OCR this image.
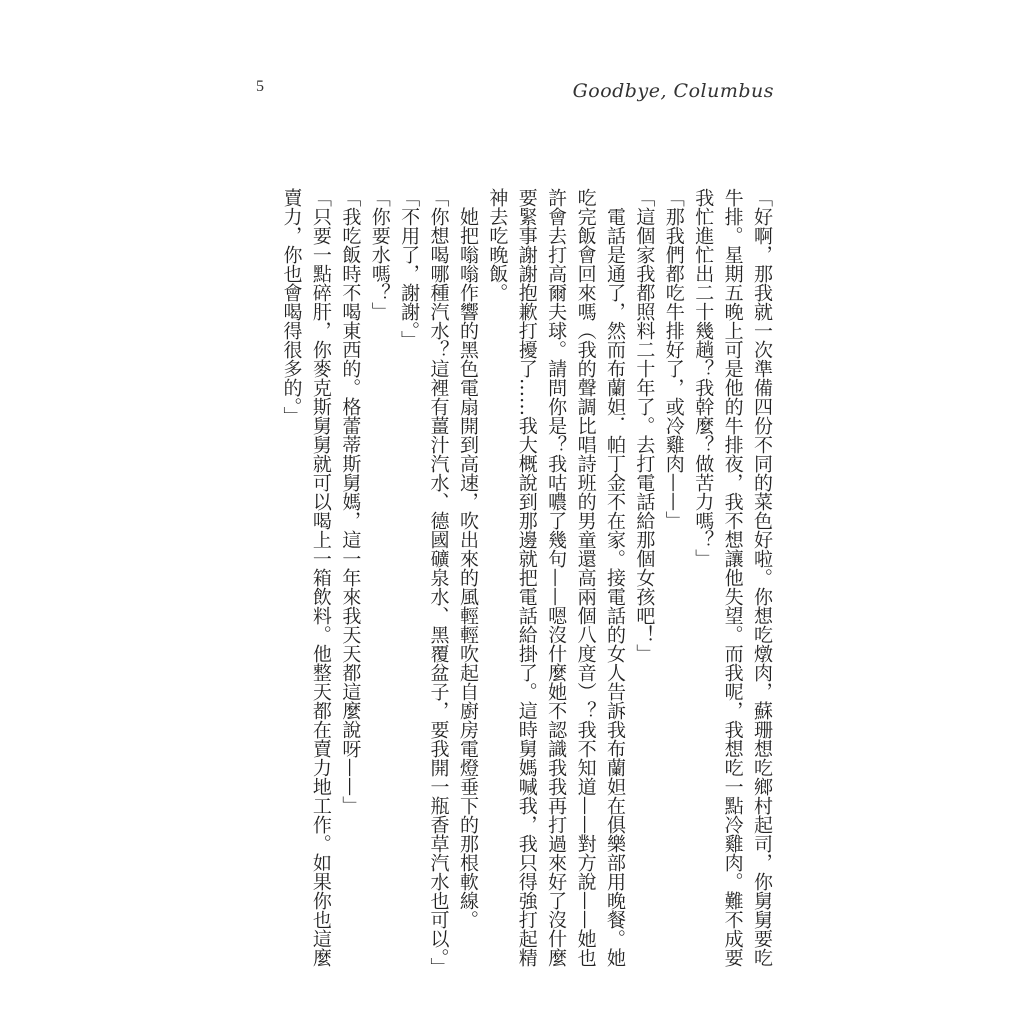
5	Goodbye, Columbus

「好啊，那我就一次準備四份不同的菜色好啦。你想吃燉肉，蘇珊想吃鄉村起司，你舅舅要吃牛排。星期五晚上可是他的牛排夜，我不想讓他失望。而我呢，我想吃一點冷雞肉。難不成要我忙進忙出二十幾趟？我幹麼？做苦力嗎？」

「那我們都吃牛排好了，或冷雞肉——」

「這個家我都照料二十年了。去打電話給那個女孩吧！」

電話是通了，然而布蘭妲．帕丁金不在家。接電話的女人告訴我布蘭妲在俱樂部用晚餐。她吃完飯會回來嗎（我的聲調比唱詩班的男童還高兩個八度音）？我不知道——對方說——她也許會去打高爾夫球。請問你是？我咕噥了幾句——嗯沒什麼她不認識我我再打過來好了沒什麼要緊事謝謝抱歉打擾了……我大概說到那邊就把電話給掛了。這時舅媽喊我，我只得強打起精神去吃晚飯。

她把嗡嗡作響的黑色電扇開到高速，吹出來的風輕輕吹起自廚房電燈垂下的那根軟線。

「你想喝哪種汽水？這裡有薑汁汽水、德國礦泉水、黑覆盆子，要我開一瓶香草汽水也可以。」

「不用了，謝謝。」

「你要水嗎？」

「我吃飯時不喝東西的。格蕾蒂斯舅媽，這一年來我天天都這麼說呀——」

「只要一點碎肝，你麥克斯舅舅就可以喝上一箱飲料。他整天都在賣力地工作。如果你也這麼賣力，你也會喝得很多的。」
